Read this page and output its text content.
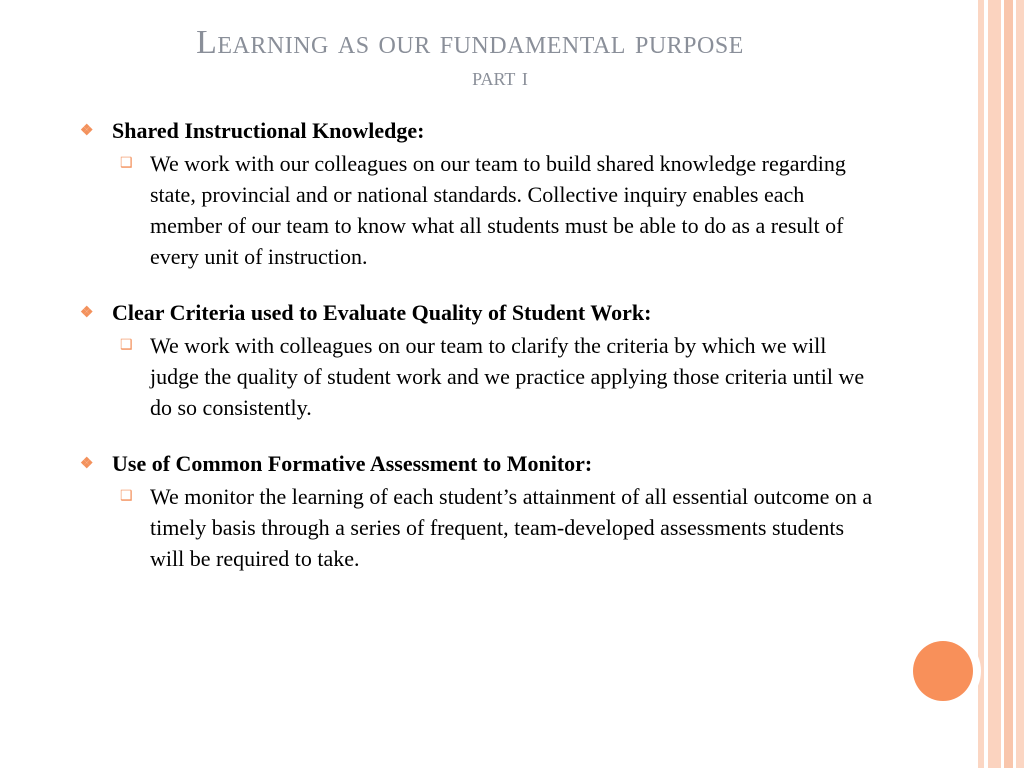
Learning as our fundamental purpose
part i
❖ Shared Instructional Knowledge:
❑ We work with our colleagues on our team to build shared knowledge regarding state, provincial and or national standards. Collective inquiry enables each member of our team to know what all students must be able to do as a result of every unit of instruction.
❖ Clear Criteria used to Evaluate Quality of Student Work:
❑ We work with colleagues on our team to clarify the criteria by which we will judge the quality of student work and we practice applying those criteria until we do so consistently.
❖ Use of Common Formative Assessment to Monitor:
❑ We monitor the learning of each student’s attainment of all essential outcome on a timely basis through a series of frequent, team-developed assessments students will be required to take.
